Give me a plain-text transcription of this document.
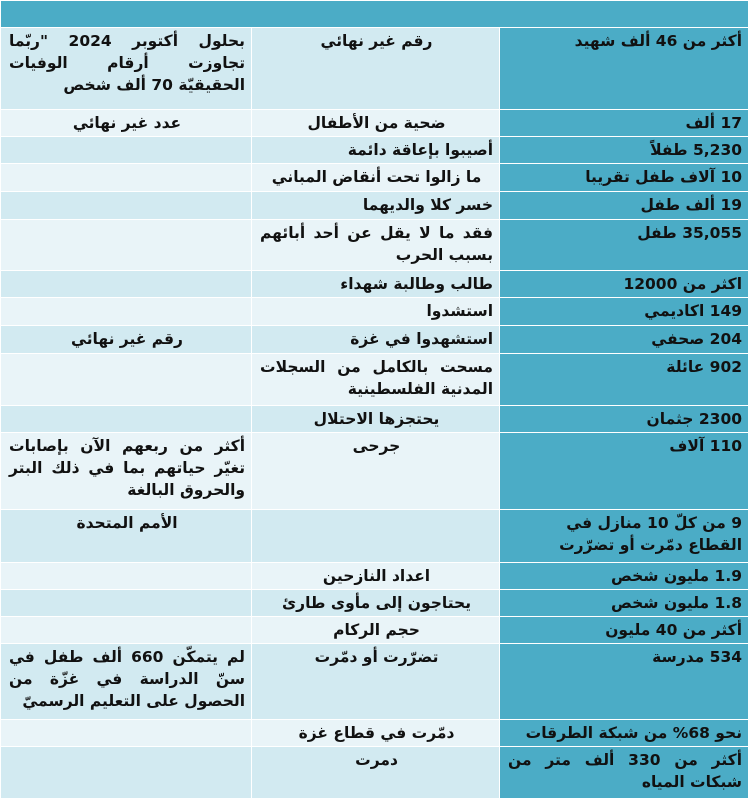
أكثر من 46 ألف شهيد	رقم غير نهائي	بحلول أكتوبر 2024 "ربّما تجاوزت أرقام الوفيات الحقيقيّة 70 ألف شخص
17 ألف	ضحية من الأطفال	عدد غير نهائي
5,230 طفلاً	أصيبوا بإعاقة دائمة	
10 آلاف طفل تقريبا	ما زالوا تحت أنقاض المباني	
19 ألف طفل	خسر كلا والديهما	
35,055 طفل	فقد ما لا يقل عن أحد أبائهم بسبب الحرب	
اكثر من 12000	طالب وطالبة شهداء	
149 اكاديمي	استشدوا	
204 صحفي	استشهدوا في غزة	رقم غير نهائي
902 عائلة	مسحت بالكامل من السجلات المدنية الفلسطينية	
2300 جثمان	يحتجزها الاحتلال	
110 آلاف	جرحى	أكثر من ربعهم الآن بإصابات تغيّر حياتهم بما في ذلك البتر والحروق البالغة
9 من كلّ 10 منازل في القطاع دمّرت أو تضرّرت		الأمم المتحدة
1.9 مليون شخص	اعداد النازحين	
1.8 مليون شخص	يحتاجون إلى مأوى طارئ	
أكثر من 40 مليون	حجم الركام	
534 مدرسة	تضرّرت أو دمّرت	لم يتمكّن 660 ألف طفل في سنّ الدراسة في غزّة من الحصول على التعليم الرسميّ
نحو 68% من شبكة الطرقات	دمّرت في قطاع غزة	
أكثر من 330 ألف متر من شبكات المياه	دمرت	
